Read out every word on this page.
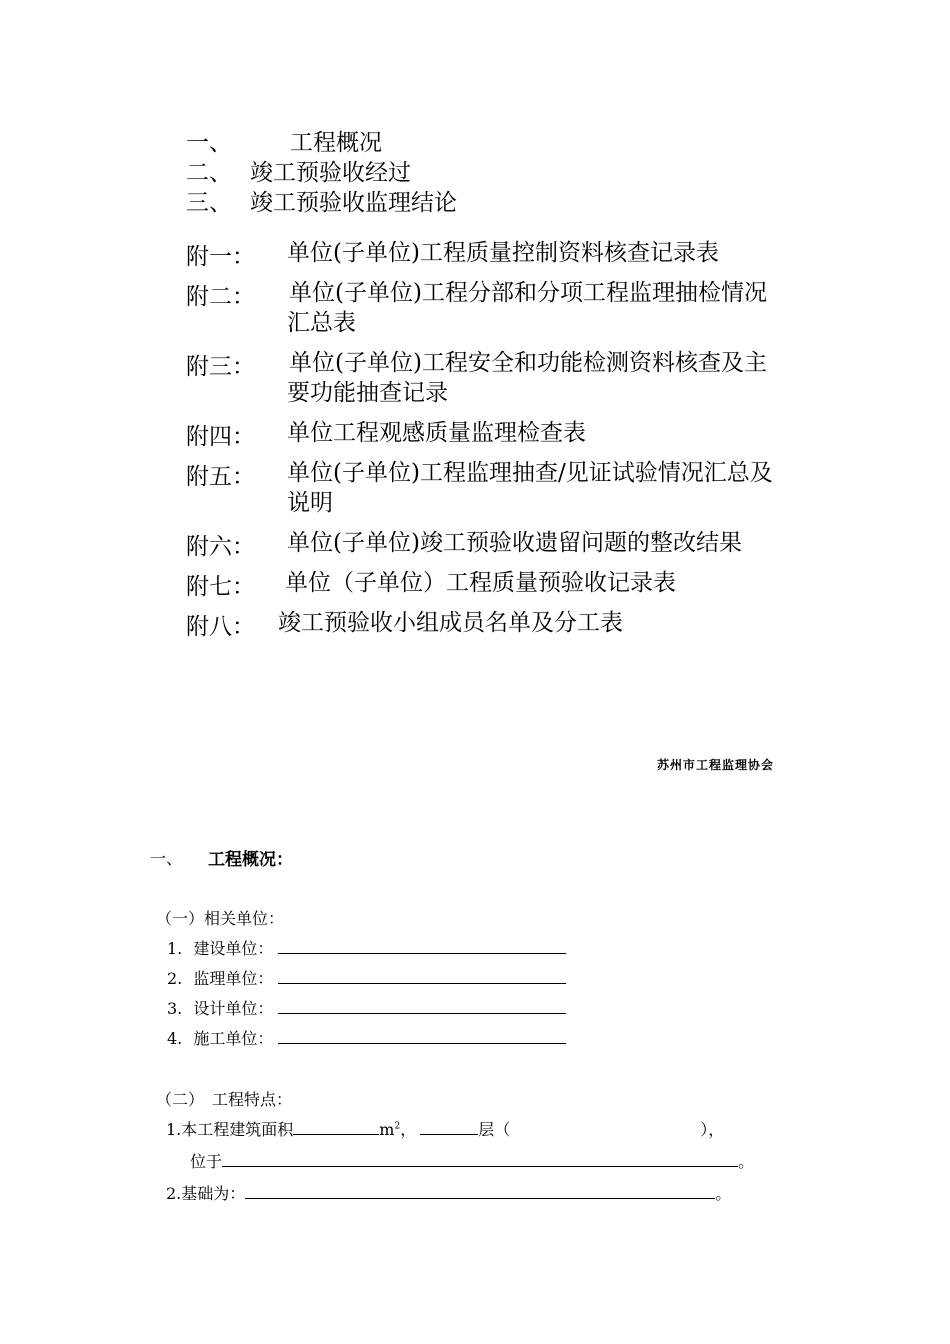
一、	工程概况
二、 竣工预验收经过
三、 竣工预验收监理结论
附一： 单位(子单位)工程质量控制资料核查记录表
附二： 单位(子单位)工程分部和分项工程监理抽检情况
汇总表
附三： 单位(子单位)工程安全和功能检测资料核查及主
要功能抽查记录
附四： 单位工程观感质量监理检查表
附五： 单位(子单位)工程监理抽查/见证试验情况汇总及
说明
附六： 单位(子单位)竣工预验收遗留问题的整改结果
附七： 单位（子单位）工程质量预验收记录表
附八： 竣工预验收小组成员名单及分工表
苏州市工程监理协会
一、 工程概况：
（一）相关单位：
1. 建设单位：
2. 监理单位：
3. 设计单位：
4. 施工单位：
（二）　工程特点：
1.本工程建筑面积	$m^2$，	层（	），
位于	。
2.基础为：	。
